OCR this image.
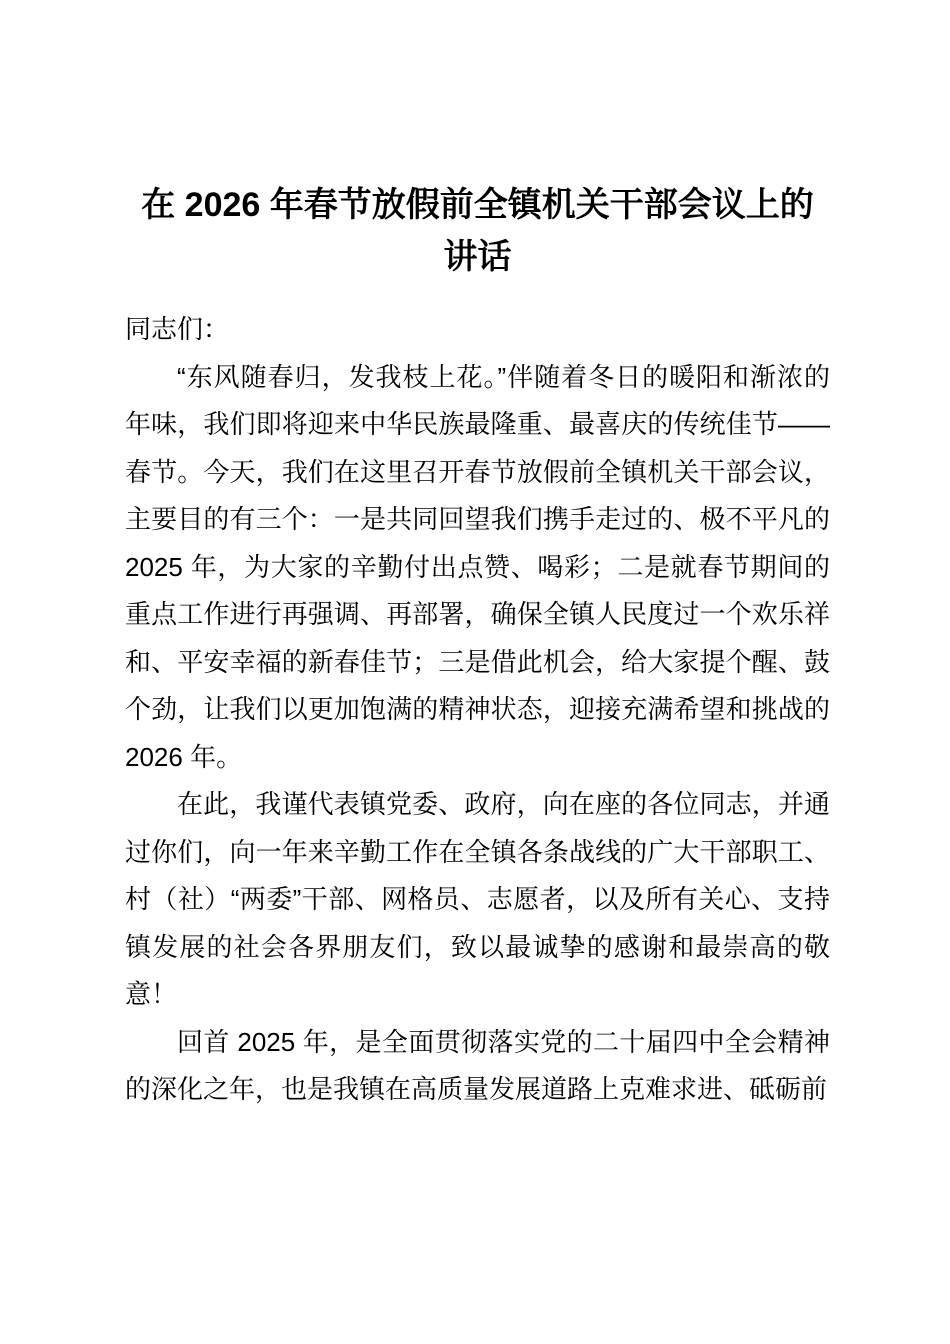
在 2026 年春节放假前全镇机关干部会议上的讲话

同志们：

“东风随春归，发我枝上花。”伴随着冬日的暖阳和渐浓的年味，我们即将迎来中华民族最隆重、最喜庆的传统佳节——春节。今天，我们在这里召开春节放假前全镇机关干部会议，主要目的有三个：一是共同回望我们携手走过的、极不平凡的 2025 年，为大家的辛勤付出点赞、喝彩；二是就春节期间的重点工作进行再强调、再部署，确保全镇人民度过一个欢乐祥和、平安幸福的新春佳节；三是借此机会，给大家提个醒、鼓个劲，让我们以更加饱满的精神状态，迎接充满希望和挑战的 2026 年。

在此，我谨代表镇党委、政府，向在座的各位同志，并通过你们，向一年来辛勤工作在全镇各条战线的广大干部职工、村（社）“两委”干部、网格员、志愿者，以及所有关心、支持镇发展的社会各界朋友们，致以最诚挚的感谢和最崇高的敬意！

回首 2025 年，是全面贯彻落实党的二十届四中全会精神的深化之年，也是我镇在高质量发展道路上克难求进、砥砺前
